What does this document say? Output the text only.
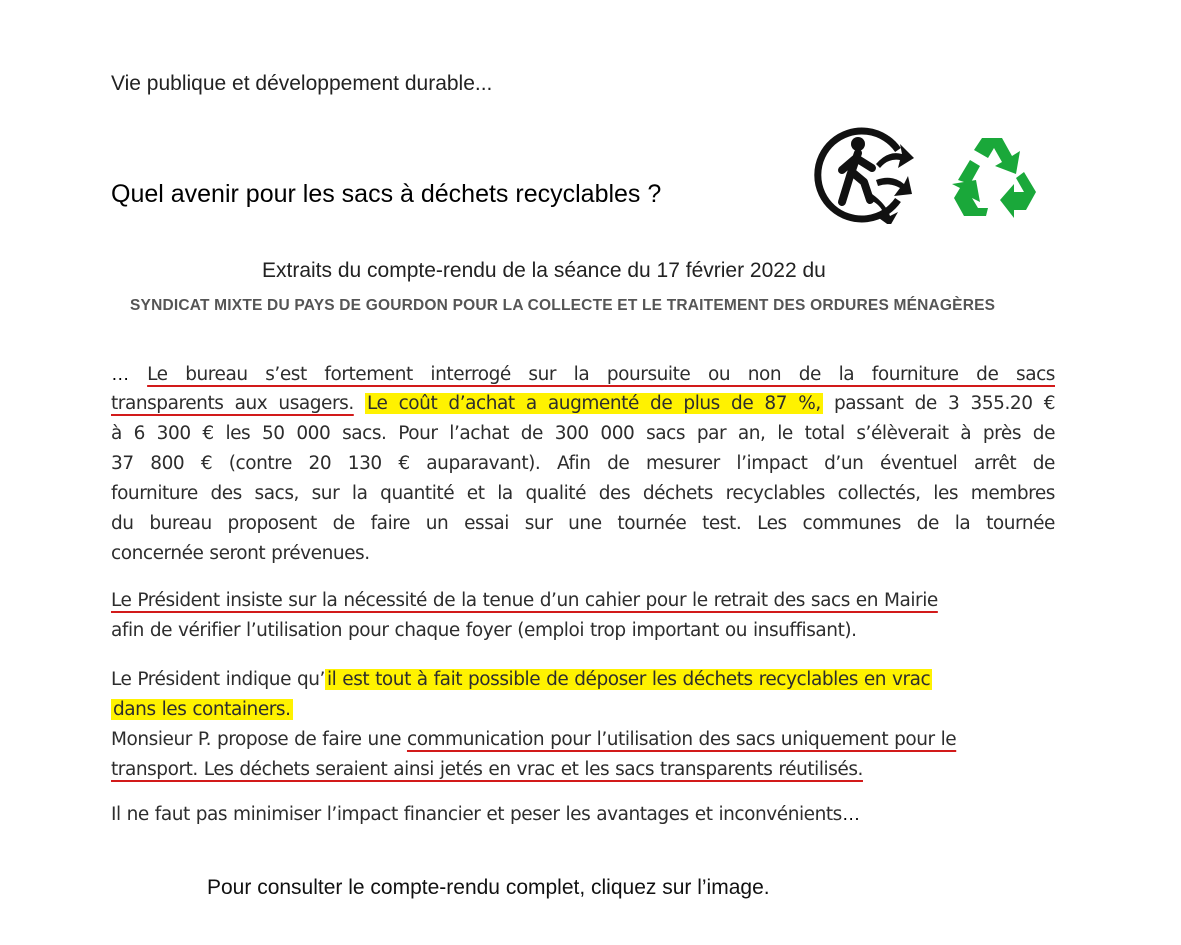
Vie publique et développement durable...
Quel avenir pour les sacs à déchets recyclables ?
Extraits du compte-rendu de la séance du 17 février 2022 du
SYNDICAT MIXTE DU PAYS DE GOURDON POUR LA COLLECTE ET LE TRAITEMENT DES ORDURES MÉNAGÈRES
… Le bureau s’est fortement interrogé sur la poursuite ou non de la fourniture de sacs
transparents aux usagers. Le coût d’achat a augmenté de plus de 87 %, passant de 3 355.20 €
à 6 300 € les 50 000 sacs. Pour l’achat de 300 000 sacs par an, le total s’élèverait à près de
37 800 € (contre 20 130 € auparavant). Afin de mesurer l’impact d’un éventuel arrêt de
fourniture des sacs, sur la quantité et la qualité des déchets recyclables collectés, les membres
du bureau proposent de faire un essai sur une tournée test. Les communes de la tournée
concernée seront prévenues.
Le Président insiste sur la nécessité de la tenue d’un cahier pour le retrait des sacs en Mairie
afin de vérifier l’utilisation pour chaque foyer (emploi trop important ou insuffisant).
Le Président indique qu’ il est tout à fait possible de déposer les déchets recyclables en vrac
dans les containers.
Monsieur P. propose de faire une communication pour l’utilisation des sacs uniquement pour le
transport. Les déchets seraient ainsi jetés en vrac et les sacs transparents réutilisés.
Il ne faut pas minimiser l’impact financier et peser les avantages et inconvénients…
Pour consulter le compte-rendu complet, cliquez sur l’image.
